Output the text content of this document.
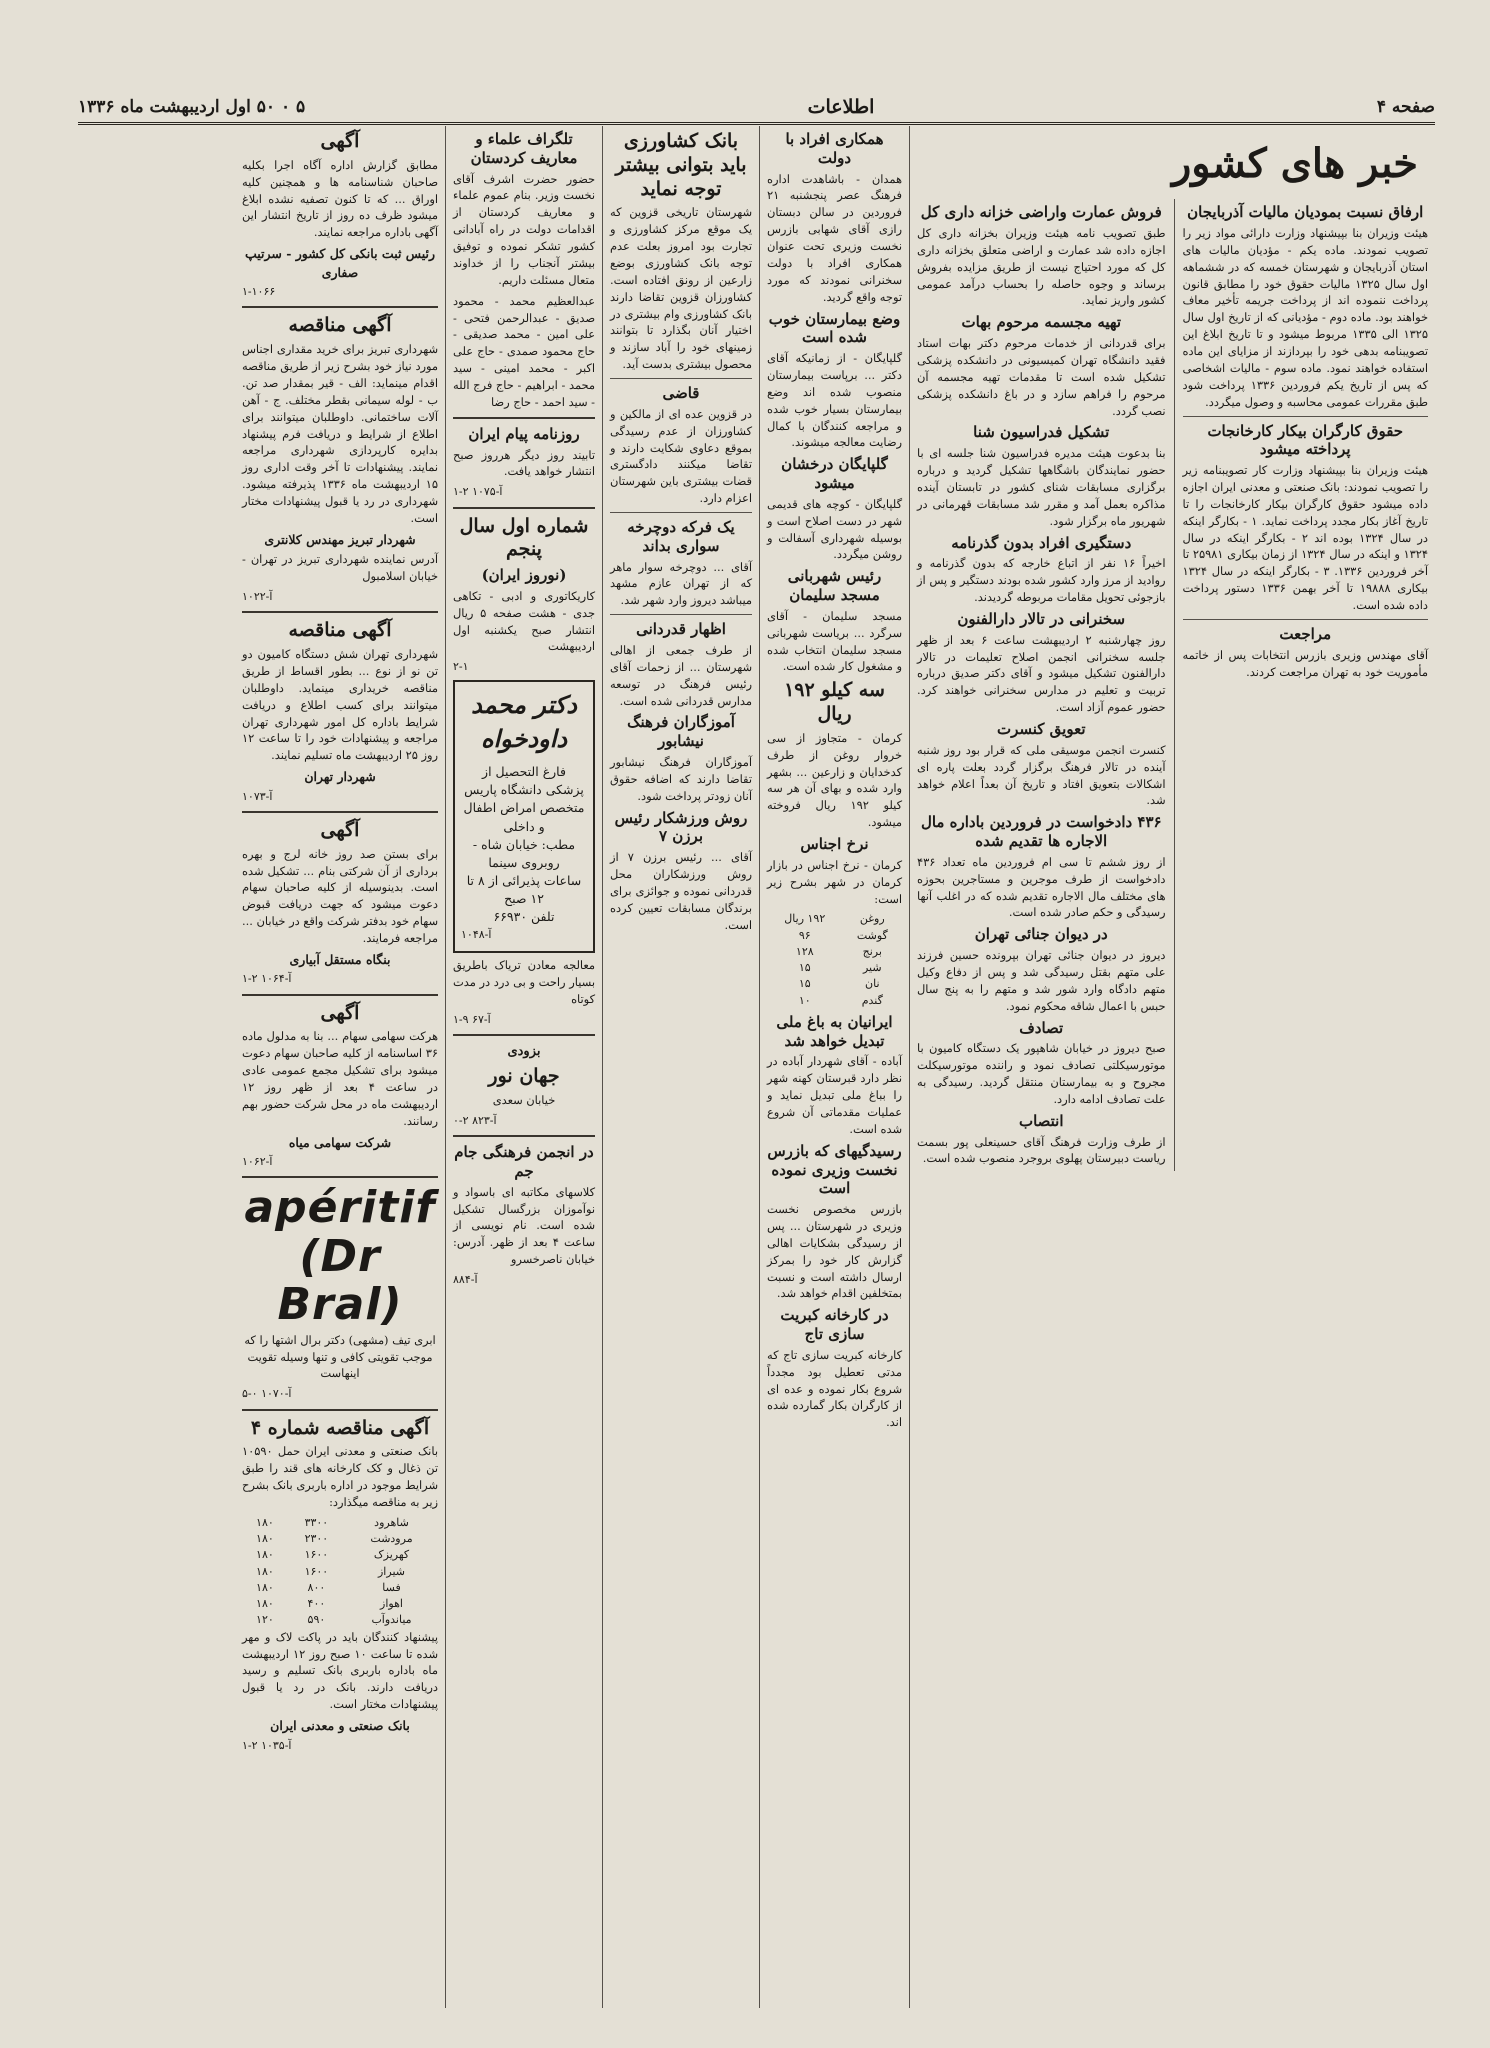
صفحه ۴
اطلاعات
۵ ۰ ۵۰ اول اردیبهشت ماه ۱۳۳۶
خبر های کشور
ارفاق نسبت بمودیان مالیات آذربایجان

هیئت وزیران بنا بپیشنهاد وزارت دارائی مواد زیر را تصویب نمودند. ماده یکم - مؤدیان مالیات های استان آذربایجان و شهرستان خمسه که در ششماهه اول سال ۱۳۲۵ مالیات حقوق خود را مطابق قانون پرداخت ننموده اند از پرداخت جریمه تأخیر معاف خواهند بود. ماده دوم - مؤدیانی که از تاریخ اول سال ۱۳۲۵ الی ۱۳۳۵ مربوط میشود و تا تاریخ ابلاغ این تصویبنامه بدهی خود را بپردازند از مزایای این ماده استفاده خواهند نمود. ماده سوم - مالیات اشخاصی که پس از تاریخ یکم فروردین ۱۳۳۶ پرداخت شود طبق مقررات عمومی محاسبه و وصول میگردد.

حقوق کارگران بیکار کارخانجات پرداخته میشود

هیئت وزیران بنا بپیشنهاد وزارت کار تصویبنامه زیر را تصویب نمودند: بانک صنعتی و معدنی ایران اجازه داده میشود حقوق کارگران بیکار کارخانجات را تا تاریخ آغاز بکار مجدد پرداخت نماید. ۱ - بکارگر اینکه در سال ۱۳۲۴ بوده اند ۲ - بکارگر اینکه در سال ۱۳۲۴ و اینکه در سال ۱۳۲۴ از زمان بیکاری ۲۵۹۸۱ تا آخر فروردین ۱۳۳۶. ۳ - بکارگر اینکه در سال ۱۳۲۴ بیکاری ۱۹۸۸۸ تا آخر بهمن ۱۳۳۶ دستور پرداخت داده شده است.

مراجعت

آقای مهندس وزیری بازرس انتخابات پس از خاتمه مأموریت خود به تهران مراجعت کردند.

فروش عمارت واراضی خزانه داری کل

طبق تصویب نامه هیئت وزیران بخزانه داری کل اجازه داده شد عمارت و اراضی متعلق بخزانه داری کل که مورد احتیاج نیست از طریق مزایده بفروش برساند و وجوه حاصله را بحساب درآمد عمومی کشور واریز نماید.

تهیه مجسمه مرحوم بهات

برای قدردانی از خدمات مرحوم دکتر بهات استاد فقید دانشگاه تهران کمیسیونی در دانشکده پزشکی تشکیل شده است تا مقدمات تهیه مجسمه آن مرحوم را فراهم سازد و در باغ دانشکده پزشکی نصب گردد.

تشکیل فدراسیون شنا

بنا بدعوت هیئت مدیره فدراسیون شنا جلسه ای با حضور نمایندگان باشگاهها تشکیل گردید و درباره برگزاری مسابقات شنای کشور در تابستان آینده مذاکره بعمل آمد و مقرر شد مسابقات قهرمانی در شهریور ماه برگزار شود.

دستگیری افراد بدون گذرنامه

اخیراً ۱۶ نفر از اتباع خارجه که بدون گذرنامه و روادید از مرز وارد کشور شده بودند دستگیر و پس از بازجوئی تحویل مقامات مربوطه گردیدند.

سخنرانی در تالار دارالفنون

روز چهارشنبه ۲ اردیبهشت ساعت ۶ بعد از ظهر جلسه سخنرانی انجمن اصلاح تعلیمات در تالار دارالفنون تشکیل میشود و آقای دکتر صدیق درباره تربیت و تعلیم در مدارس سخنرانی خواهند کرد. حضور عموم آزاد است.

تعویق کنسرت

کنسرت انجمن موسیقی ملی که قرار بود روز شنبه آینده در تالار فرهنگ برگزار گردد بعلت پاره ای اشکالات بتعویق افتاد و تاریخ آن بعداً اعلام خواهد شد.

۴۳۶ دادخواست در فروردین باداره مال الاجاره ها تقدیم شده

از روز ششم تا سی ام فروردین ماه تعداد ۴۳۶ دادخواست از طرف موجرین و مستاجرین بحوزه های مختلف مال الاجاره تقدیم شده که در اغلب آنها رسیدگی و حکم صادر شده است.

در دیوان جنائی تهران

دیروز در دیوان جنائی تهران بپرونده حسین فرزند علی متهم بقتل رسیدگی شد و پس از دفاع وکیل متهم دادگاه وارد شور شد و متهم را به پنج سال حبس با اعمال شاقه محکوم نمود.

تصادف

صبح دیروز در خیابان شاهپور یک دستگاه کامیون با موتورسیکلتی تصادف نمود و راننده موتورسیکلت مجروح و به بیمارستان منتقل گردید. رسیدگی به علت تصادف ادامه دارد.

انتصاب

از طرف وزارت فرهنگ آقای حسینعلی پور بسمت ریاست دبیرستان پهلوی بروجرد منصوب شده است.

همکاری افراد با دولت

همدان - باشاهدت اداره فرهنگ عصر پنجشنبه ۲۱ فروردین در سالن دبستان رازی آقای شهابی بازرس نخست وزیری تحت عنوان همکاری افراد با دولت سخنرانی نمودند که مورد توجه واقع گردید.

وضع بیمارستان خوب شده است

گلپایگان - از زمانیکه آقای دکتر ... برپاست بیمارستان منصوب شده اند وضع بیمارستان بسیار خوب شده و مراجعه کنندگان با کمال رضایت معالجه میشوند.

گلپایگان درخشان میشود

گلپایگان - کوچه های قدیمی شهر در دست اصلاح است و بوسیله شهرداری آسفالت و روشن میگردد.

رئیس شهربانی مسجد سلیمان

مسجد سلیمان - آقای سرگرد ... بریاست شهربانی مسجد سلیمان انتخاب شده و مشغول کار شده است.

سه کیلو ۱۹۲ ریال

کرمان - متجاوز از سی خروار روغن از طرف کدخدایان و زارعین ... بشهر وارد شده و بهای آن هر سه کیلو ۱۹۲ ریال فروخته میشود.

نرخ اجناس

کرمان - نرخ اجناس در بازار کرمان در شهر بشرح زیر است:

روغن	۱۹۲ ریال
گوشت	۹۶
برنج	۱۲۸
شیر	۱۵
نان	۱۵
گندم	۱۰
ایرانیان به باغ ملی تبدیل خواهد شد

آباده - آقای شهردار آباده در نظر دارد قبرستان کهنه شهر را بباغ ملی تبدیل نماید و عملیات مقدماتی آن شروع شده است.

رسیدگیهای که بازرس نخست وزیری نموده است

بازرس مخصوص نخست وزیری در شهرستان ... پس از رسیدگی بشکایات اهالی گزارش کار خود را بمرکز ارسال داشته است و نسبت بمتخلفین اقدام خواهد شد.

در کارخانه کبریت سازی تاج

کارخانه کبریت سازی تاج که مدتی تعطیل بود مجدداً شروع بکار نموده و عده ای از کارگران بکار گمارده شده اند.

بانک کشاورزی باید بتوانی بیشتر توجه نماید

شهرستان تاریخی قزوین که یک موقع مرکز کشاورزی و تجارت بود امروز بعلت عدم توجه بانک کشاورزی بوضع زارعین از رونق افتاده است. کشاورزان قزوین تقاضا دارند بانک کشاورزی وام بیشتری در اختیار آنان بگذارد تا بتوانند زمینهای خود را آباد سازند و محصول بیشتری بدست آید.

قاضی

در قزوین عده ای از مالکین و کشاورزان از عدم رسیدگی بموقع دعاوی شکایت دارند و تقاضا میکنند دادگستری قضات بیشتری باین شهرستان اعزام دارد.

یک فرکه دوچرخه سواری بداند

آقای ... دوچرخه سوار ماهر که از تهران عازم مشهد میباشد دیروز وارد شهر شد.

اظهار قدردانی

از طرف جمعی از اهالی شهرستان ... از زحمات آقای رئیس فرهنگ در توسعه مدارس قدردانی شده است.

آموزگاران فرهنگ نیشابور

آموزگاران فرهنگ نیشابور تقاضا دارند که اضافه حقوق آنان زودتر پرداخت شود.

روش ورزشکار رئیس برزن ۷

آقای ... رئیس برزن ۷ از روش ورزشکاران محل قدردانی نموده و جوائزی برای برندگان مسابقات تعیین کرده است.

تلگراف علماء و معاریف کردستان

حضور حضرت اشرف آقای نخست وزیر. بنام عموم علماء و معاریف کردستان از اقدامات دولت در راه آبادانی کشور تشکر نموده و توفیق بیشتر آنجناب را از خداوند متعال مسئلت داریم.

عبدالعظیم محمد - محمود صدیق - عبدالرحمن فتحی - علی امین - محمد صدیقی - حاج محمود صمدی - حاج علی اکبر - محمد امینی - سید محمد - ابراهیم - حاج فرج الله - سید احمد - حاج رضا

روزنامه پیام ایران

تابیند روز دیگر هرروز صبح انتشار خواهد یافت.

آ-۱۰۷۵ ۲-۱
شماره اول سال پنجم
(نوروز ایران)

کاریکاتوری و ادبی - تکاهی جدی - هشت صفحه ۵ ریال انتشار صبح یکشنبه اول اردیبهشت

۲-۱
دکتر محمد داودخواه
فارغ التحصیل از پزشکی دانشگاه پاریس
متخصص امراض اطفال و داخلی
مطب: خیابان شاه - روبروی سینما
ساعات پذیرائی از ۸ تا ۱۲ صبح
تلفن ۶۶۹۳۰
آ-۱۰۴۸

معالجه معادن تریاک باطریق بسیار راحت و بی درد در مدت کوتاه

آ-۶۷ ۹-۱
بزودی
جهان نور

خیابان سعدی

آ-۸۲۳ ۲-۰
در انجمن فرهنگی جام جم

کلاسهای مکاتبه ای باسواد و نوآموزان بزرگسال تشکیل شده است. نام نویسی از ساعت ۴ بعد از ظهر. آدرس: خیابان ناصرخسرو

آ-۸۸۴
آگهی

مطابق گزارش اداره آگاه اجرا بکلیه صاحبان شناسنامه ها و همچنین کلیه اوراق ... که تا کنون تصفیه نشده ابلاغ میشود ظرف ده روز از تاریخ انتشار این آگهی باداره مراجعه نمایند.

رئیس ثبت بانکی کل کشور - سرتیپ صفاری
۱-۱۰۶۶
آگهی مناقصه

شهرداری تبریز برای خرید مقداری اجناس مورد نیاز خود بشرح زیر از طریق مناقصه اقدام مینماید: الف - قیر بمقدار صد تن. ب - لوله سیمانی بقطر مختلف. ج - آهن آلات ساختمانی. داوطلبان میتوانند برای اطلاع از شرایط و دریافت فرم پیشنهاد بدایره کارپردازی شهرداری مراجعه نمایند. پیشنهادات تا آخر وقت اداری روز ۱۵ اردیبهشت ماه ۱۳۳۶ پذیرفته میشود. شهرداری در رد یا قبول پیشنهادات مختار است.

شهردار تبریز مهندس کلانتری

آدرس نماینده شهرداری تبریز در تهران - خیابان اسلامبول

آ-۱۰۲۲
آگهی مناقصه

شهرداری تهران شش دستگاه کامیون دو تن نو از نوع ... بطور اقساط از طریق مناقصه خریداری مینماید. داوطلبان میتوانند برای کسب اطلاع و دریافت شرایط باداره کل امور شهرداری تهران مراجعه و پیشنهادات خود را تا ساعت ۱۲ روز ۲۵ اردیبهشت ماه تسلیم نمایند.

شهردار تهران
آ-۱۰۷۳
آگهی

برای بستن صد روز خانه لرج و بهره برداری از آن شرکتی بنام ... تشکیل شده است. بدینوسیله از کلیه صاحبان سهام دعوت میشود که جهت دریافت قبوض سهام خود بدفتر شرکت واقع در خیابان ... مراجعه فرمایند.

بنگاه مستقل آبیاری
آ-۱۰۶۴ ۲-۱
آگهی

هرکت سهامی سهام ... بنا به مدلول ماده ۳۶ اساسنامه از کلیه صاحبان سهام دعوت میشود برای تشکیل مجمع عمومی عادی در ساعت ۴ بعد از ظهر روز ۱۲ اردیبهشت ماه در محل شرکت حضور بهم رسانند.

شرکت سهامی میاه
آ-۱۰۶۲
apéritif (Dr Bral)

ابری تیف (مشهی) دکتر برال اشتها را که موجب تقویتی کافی و تنها وسیله تقویت اینهاست

آ-۱۰۷۰ ۰-۵
آگهی مناقصه شماره ۴

بانک صنعتی و معدنی ایران حمل ۱۰۵۹۰ تن ذغال و کک کارخانه های قند را طبق شرایط موجود در اداره باربری بانک بشرح زیر به مناقصه میگذارد:

شاهرود	۳۳۰۰	۱۸۰
مرودشت	۲۳۰۰	۱۸۰
کهریزک	۱۶۰۰	۱۸۰
شیراز	۱۶۰۰	۱۸۰
فسا	۸۰۰	۱۸۰
اهواز	۴۰۰	۱۸۰
میاندوآب	۵۹۰	۱۲۰

پیشنهاد کنندگان باید در پاکت لاک و مهر شده تا ساعت ۱۰ صبح روز ۱۲ اردیبهشت ماه باداره باربری بانک تسلیم و رسید دریافت دارند. بانک در رد یا قبول پیشنهادات مختار است.

بانک صنعتی و معدنی ایران
آ-۱۰۳۵ ۲-۱
